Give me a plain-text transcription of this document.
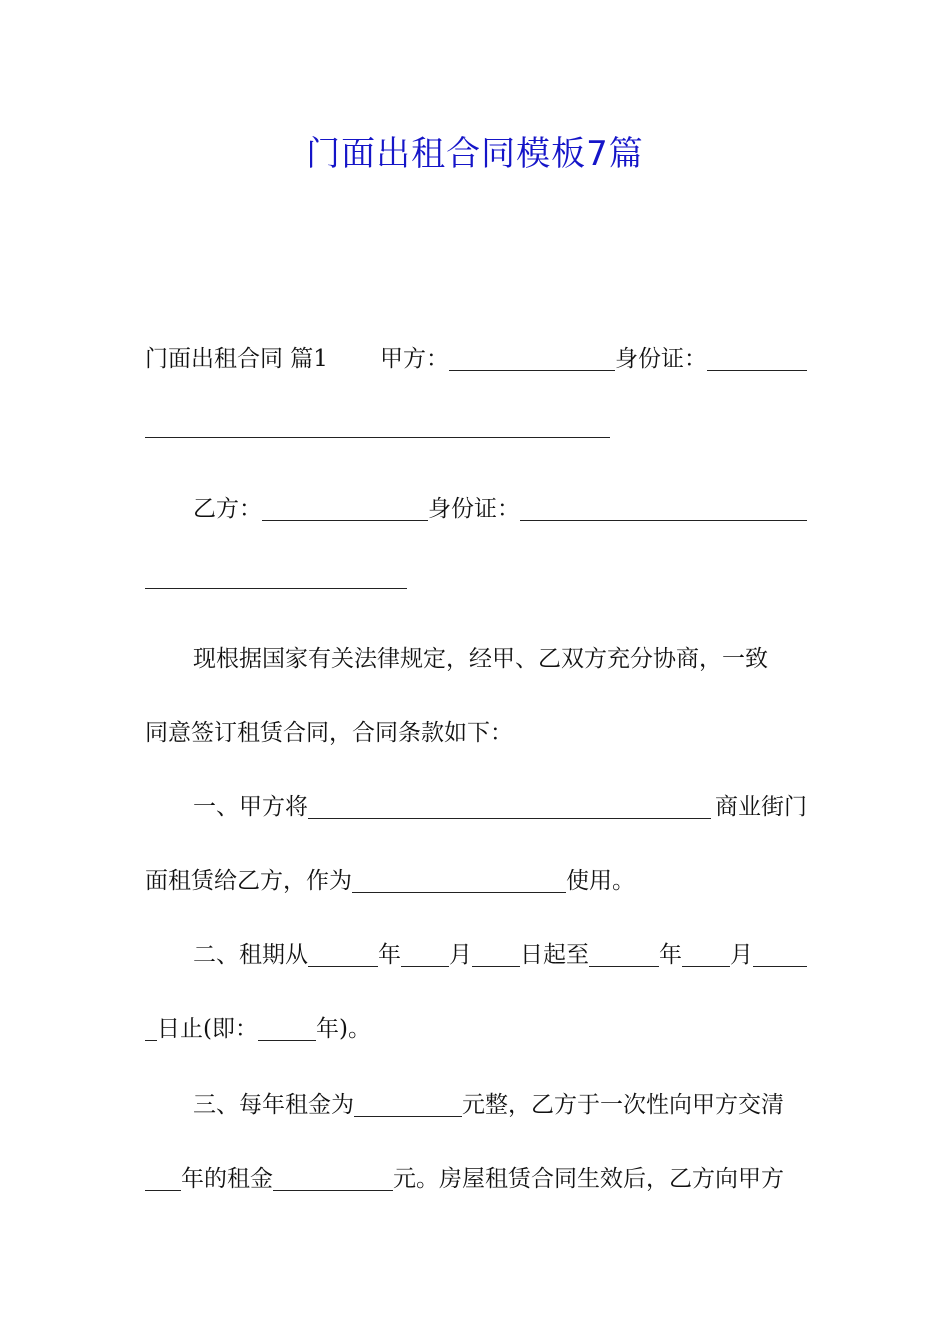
门面出租合同模板7篇
门面出租合同 篇1 甲方：	身份证：
乙方：	身份证：
现根据国家有关法律规定，经甲、乙双方充分协商，一致
同意签订租赁合同，合同条款如下：
一、甲方将	商业街门
面租赁给乙方，作为	使用。
二、租期从	年 月 日起至	年 月
日止(即：	年)。
三、每年租金为	元整，乙方于一次性向甲方交清
年的租金	元。房屋租赁合同生效后，乙方向甲方
